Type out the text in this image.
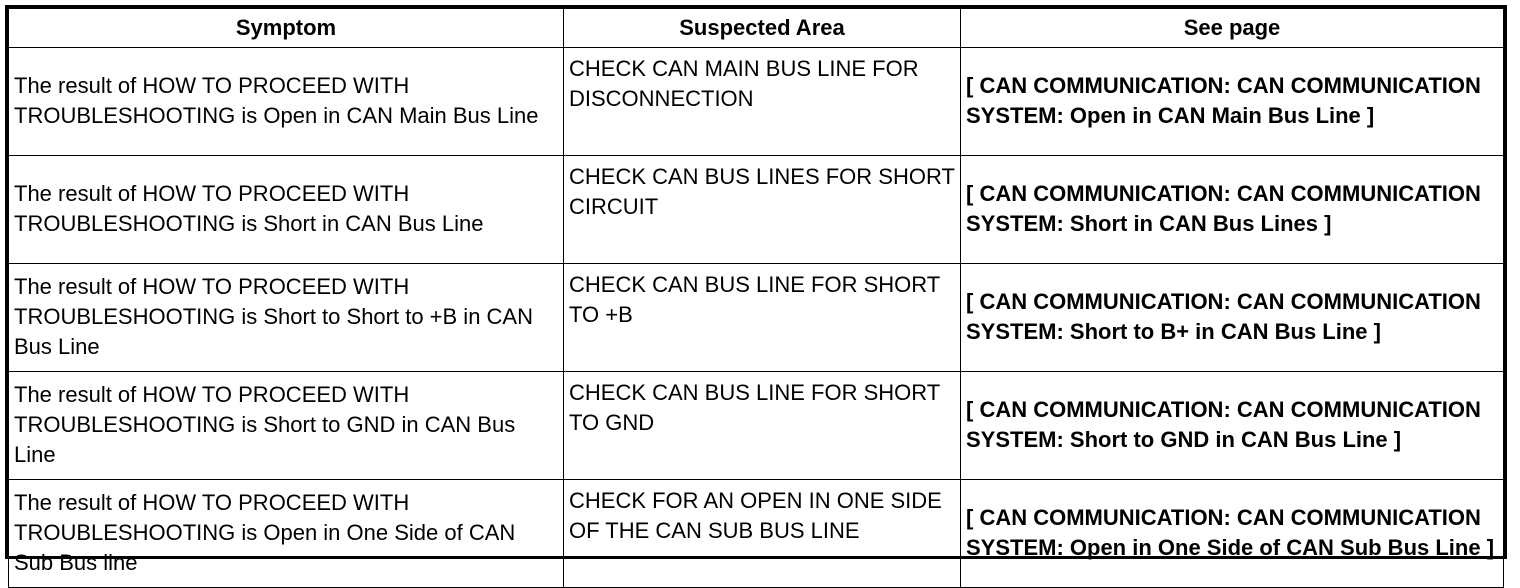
Symptom	Suspected Area	See page
The result of HOW TO PROCEED WITH TROUBLESHOOTING is Open in CAN Main Bus Line	CHECK CAN MAIN BUS LINE FOR DISCONNECTION	[ CAN COMMUNICATION: CAN COMMUNICATION SYSTEM: Open in CAN Main Bus Line ]
The result of HOW TO PROCEED WITH TROUBLESHOOTING is Short in CAN Bus Line	CHECK CAN BUS LINES FOR SHORT CIRCUIT	[ CAN COMMUNICATION: CAN COMMUNICATION SYSTEM: Short in CAN Bus Lines ]
The result of HOW TO PROCEED WITH TROUBLESHOOTING is Short to Short to +B in CAN Bus Line	CHECK CAN BUS LINE FOR SHORT TO +B	[ CAN COMMUNICATION: CAN COMMUNICATION SYSTEM: Short to B+ in CAN Bus Line ]
The result of HOW TO PROCEED WITH TROUBLESHOOTING is Short to GND in CAN Bus Line	CHECK CAN BUS LINE FOR SHORT TO GND	[ CAN COMMUNICATION: CAN COMMUNICATION SYSTEM: Short to GND in CAN Bus Line ]
The result of HOW TO PROCEED WITH TROUBLESHOOTING is Open in One Side of CAN Sub Bus line	CHECK FOR AN OPEN IN ONE SIDE OF THE CAN SUB BUS LINE	[ CAN COMMUNICATION: CAN COMMUNICATION SYSTEM: Open in One Side of CAN Sub Bus Line ]
